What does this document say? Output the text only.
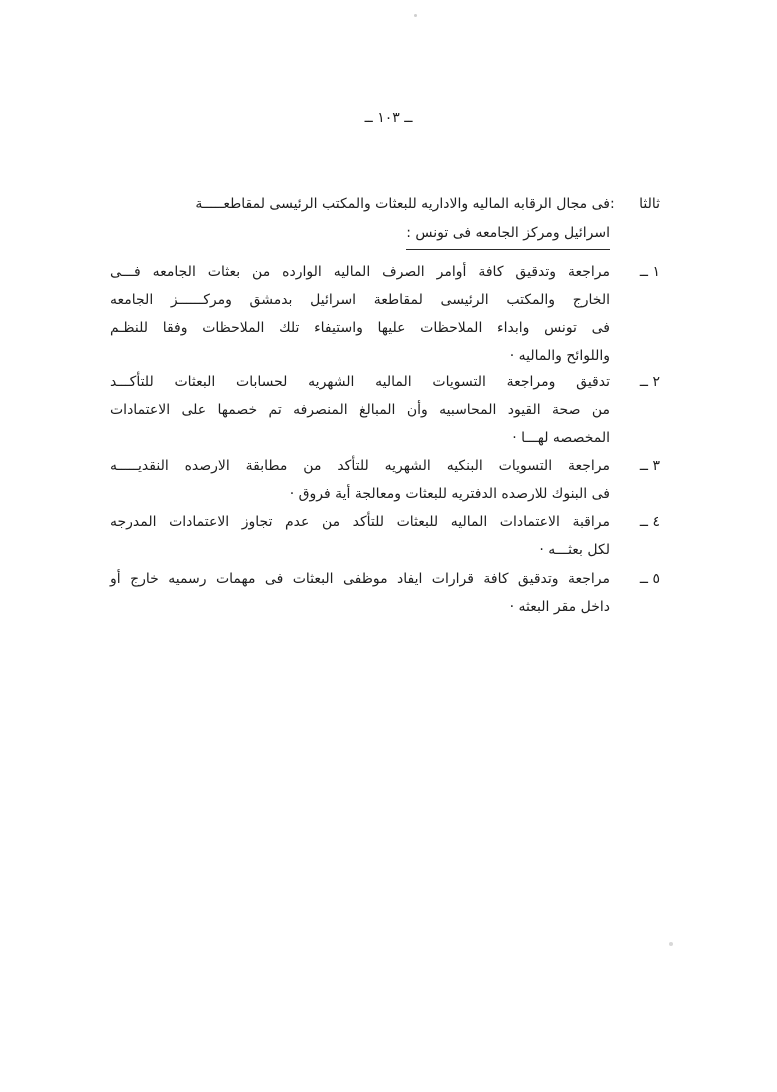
ــ ١٠٣ ــ
ثالثا
:
فى مجال الرقابه الماليه والاداريه للبعثات والمكتب الرئيسى لمقاطعـــــة
اسرائيل ومركز الجامعه فى تونس :
١ ــ
مراجعة وتدقيق كافة أوامر الصرف الماليه الوارده من بعثات الجامعه فـــى
الخارج والمكتب الرئيسى لمقاطعة اسرائيل بدمشق ومركــــــز الجامعه
فى تونس وابداء الملاحظات عليها واستيفاء تلك الملاحظات وفقا للنظـم
واللوائح والماليه ·
٢ ــ
تدقيق ومراجعة التسويات الماليه الشهريه لحسابات البعثات للتأكـــد
من صحة القيود المحاسبيه وأن المبالغ المنصرفه تم خصمها على الاعتمادات
المخصصه لهـــا ·
٣ ــ
مراجعة التسويات البنكيه الشهريه للتأكد من مطابقة الارصده النقديـــــه
فى البنوك للارصده الدفتريه للبعثات ومعالجة أية فروق ·
٤ ــ
مراقبة الاعتمادات الماليه للبعثات للتأكد من عدم تجاوز الاعتمادات المدرجه
لكل بعثـــه ·
٥ ــ
مراجعة وتدقيق كافة قرارات ايفاد موظفى البعثات فى مهمات رسميه خارج أو
داخل مقر البعثه ·
